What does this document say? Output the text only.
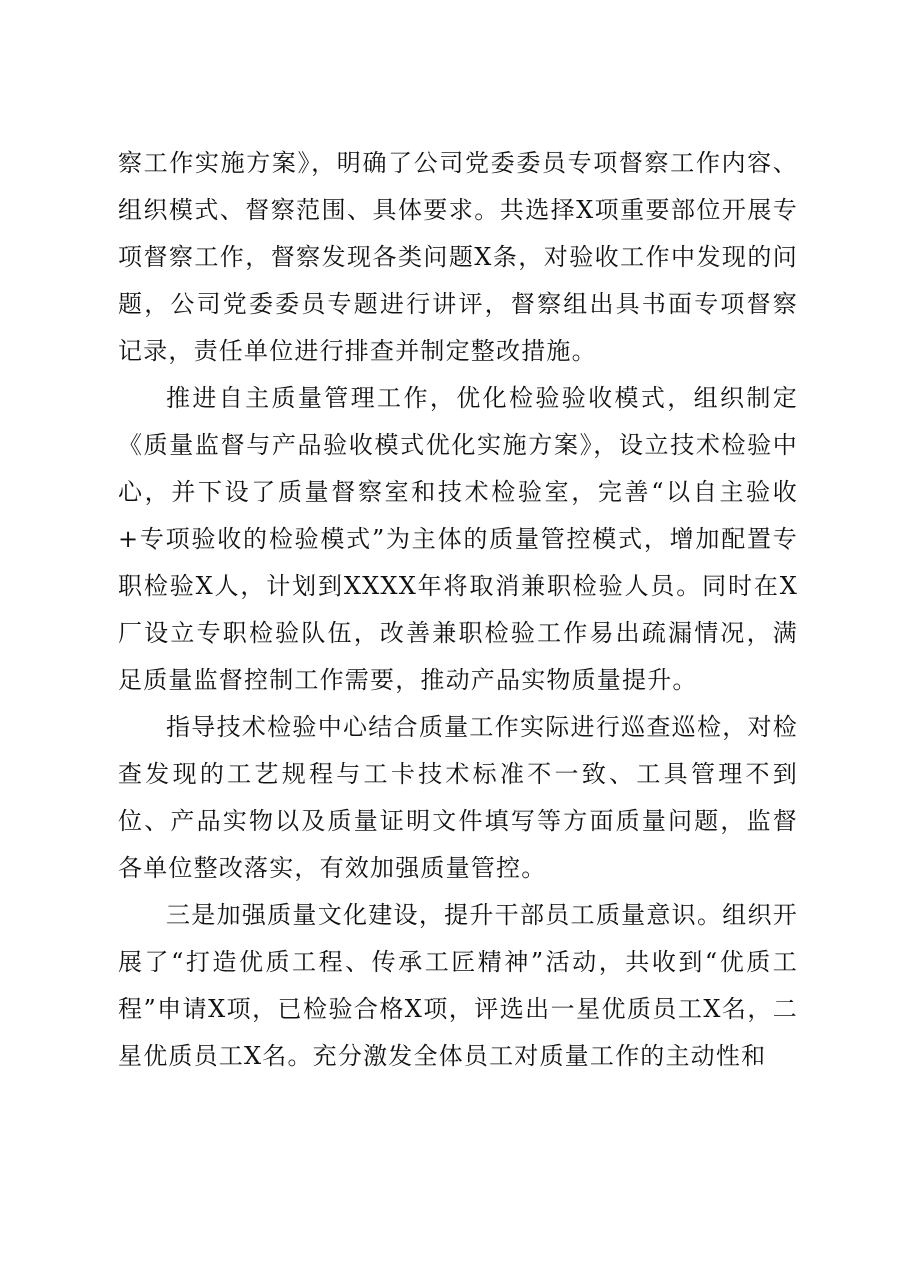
察工作实施方案》，明确了公司党委委员专项督察工作内容、组织模式、督察范围、具体要求。共选择X项重要部位开展专项督察工作，督察发现各类问题X条，对验收工作中发现的问题，公司党委委员专题进行讲评，督察组出具书面专项督察记录，责任单位进行排查并制定整改措施。

推进自主质量管理工作，优化检验验收模式，组织制定《质量监督与产品验收模式优化实施方案》，设立技术检验中心，并下设了质量督察室和技术检验室，完善“以自主验收+专项验收的检验模式”为主体的质量管控模式，增加配置专职检验X人，计划到XXXX年将取消兼职检验人员。同时在X厂设立专职检验队伍，改善兼职检验工作易出疏漏情况，满足质量监督控制工作需要，推动产品实物质量提升。

指导技术检验中心结合质量工作实际进行巡查巡检，对检查发现的工艺规程与工卡技术标准不一致、工具管理不到位、产品实物以及质量证明文件填写等方面质量问题，监督各单位整改落实，有效加强质量管控。

三是加强质量文化建设，提升干部员工质量意识。组织开展了“打造优质工程、传承工匠精神”活动，共收到“优质工程”申请X项，已检验合格X项，评选出一星优质员工X名，二星优质员工X名。充分激发全体员工对质量工作的主动性和
